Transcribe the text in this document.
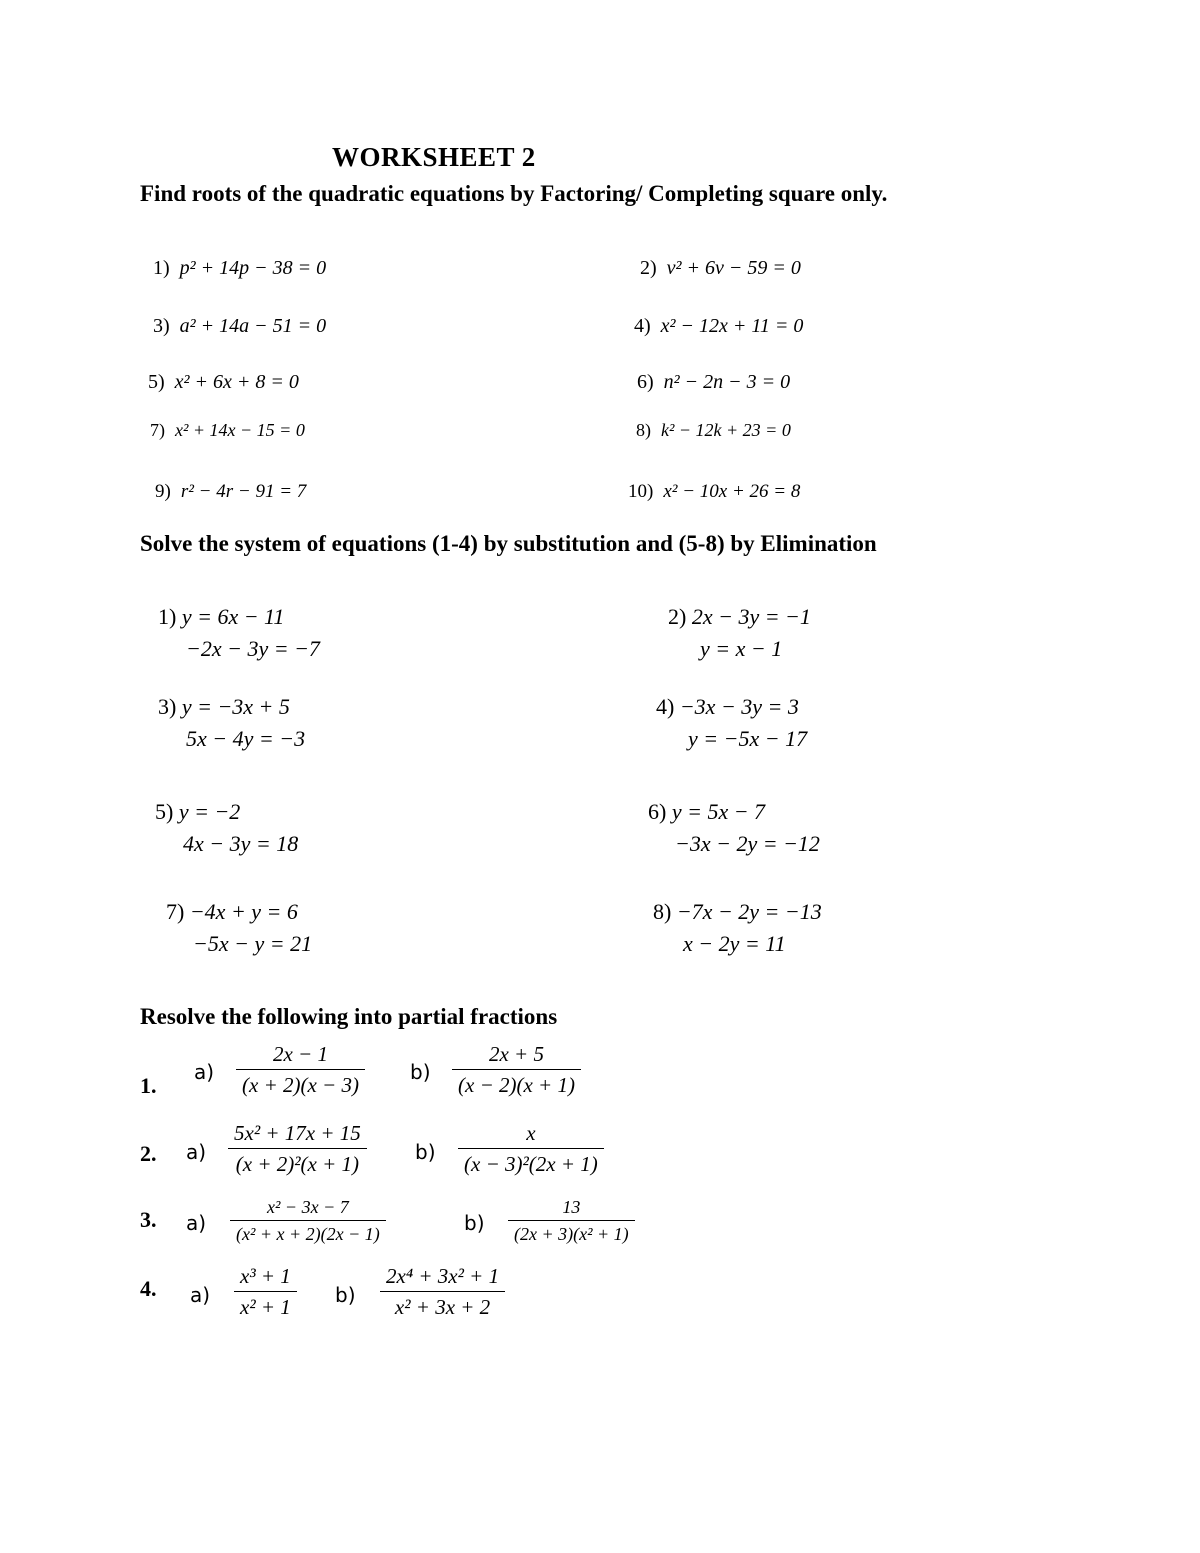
WORKSHEET 2
Find roots of the quadratic equations by Factoring/ Completing square only.
1) p² + 14p − 38 = 0	2) v² + 6v − 59 = 0
3) a² + 14a − 51 = 0	4) x² − 12x + 11 = 0
5) x² + 6x + 8 = 0	6) n² − 2n − 3 = 0
7) x² + 14x − 15 = 0	8) k² − 12k + 23 = 0
9) r² − 4r − 91 = 7	10) x² − 10x + 26 = 8
Solve the system of equations (1-4) by substitution and (5-8) by Elimination
1) y = 6x − 11
−2x − 3y = −7
2) 2x − 3y = −1
y = x − 1
3) y = −3x + 5
5x − 4y = −3
4) −3x − 3y = 3
y = −5x − 17
5) y = −2
4x − 3y = 18
6) y = 5x − 7
−3x − 2y = −12
7) −4x + y = 6
−5x − y = 21
8) −7x − 2y = −13
x − 2y = 11
Resolve the following into partial fractions
1.
$a) \frac{2x - 1}{(x + 2)(x - 3)} b) \frac{2x + 5}{(x - 2)(x + 1)}$
2. $a) \frac{\text{5x² + 17x + 15}}{\text{(x + 2)²(x + 1)}} b) \frac{x}{\text{(x − 3)²(2x + 1)}}$
3. $a) \frac{\text{x² − 3x − 7}}{\text{(x² + x + 2)(2x − 1)}}$	$b) \frac{13}{\text{(2x + 3)(x² + 1)}}$
4. $a) \frac{\text{x³ + 1}}{\text{x² + 1}} b) \frac{\text{2x⁴ + 3x² + 1}}{\text{x² + 3x + 2}}$
